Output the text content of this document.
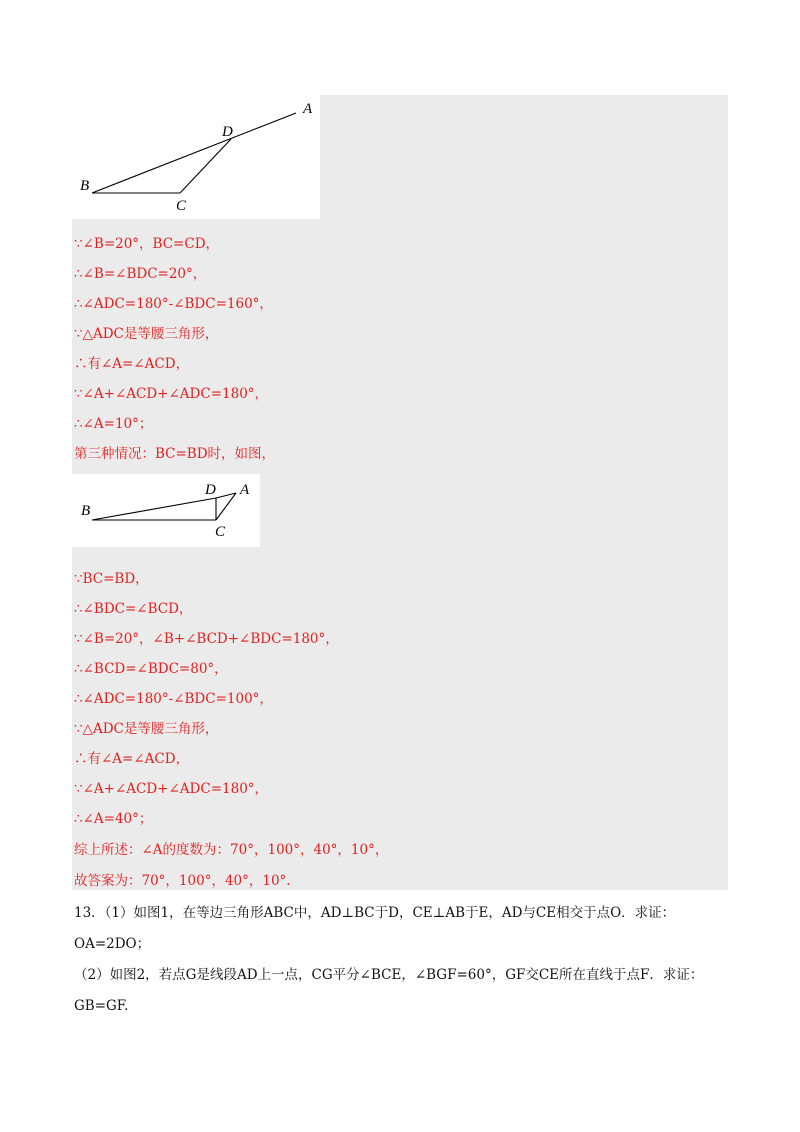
A
B
C
D
∵∠B=20°，BC=CD，
∴∠B=∠BDC=20°，
∴∠ADC=180°-∠BDC=160°，
∵△ADC是等腰三角形，
∴有∠A=∠ACD，
∵∠A+∠ACD+∠ADC=180°，
∴∠A=10°；
第三种情况：BC=BD时，如图，
B
D A
C
∵BC=BD，
∴∠BDC=∠BCD，
∵∠B=20°，∠B+∠BCD+∠BDC=180°，
∴∠BCD=∠BDC=80°，
∴∠ADC=180°-∠BDC=100°，
∵△ADC是等腰三角形，
∴有∠A=∠ACD，
∵∠A+∠ACD+∠ADC=180°，
∴∠A=40°；
综上所述：∠A的度数为：70°，100°，40°，10°，
故答案为：70°，100°，40°，10°.
13．（1）如图1，在等边三角形ABC中，AD⊥BC于D，CE⊥AB于E，AD与CE相交于点O．求证：
OA=2DO；
（2）如图2，若点G是线段AD上一点，CG平分∠BCE，∠BGF=60°，GF交CE所在直线于点F．求证：
GB=GF.
